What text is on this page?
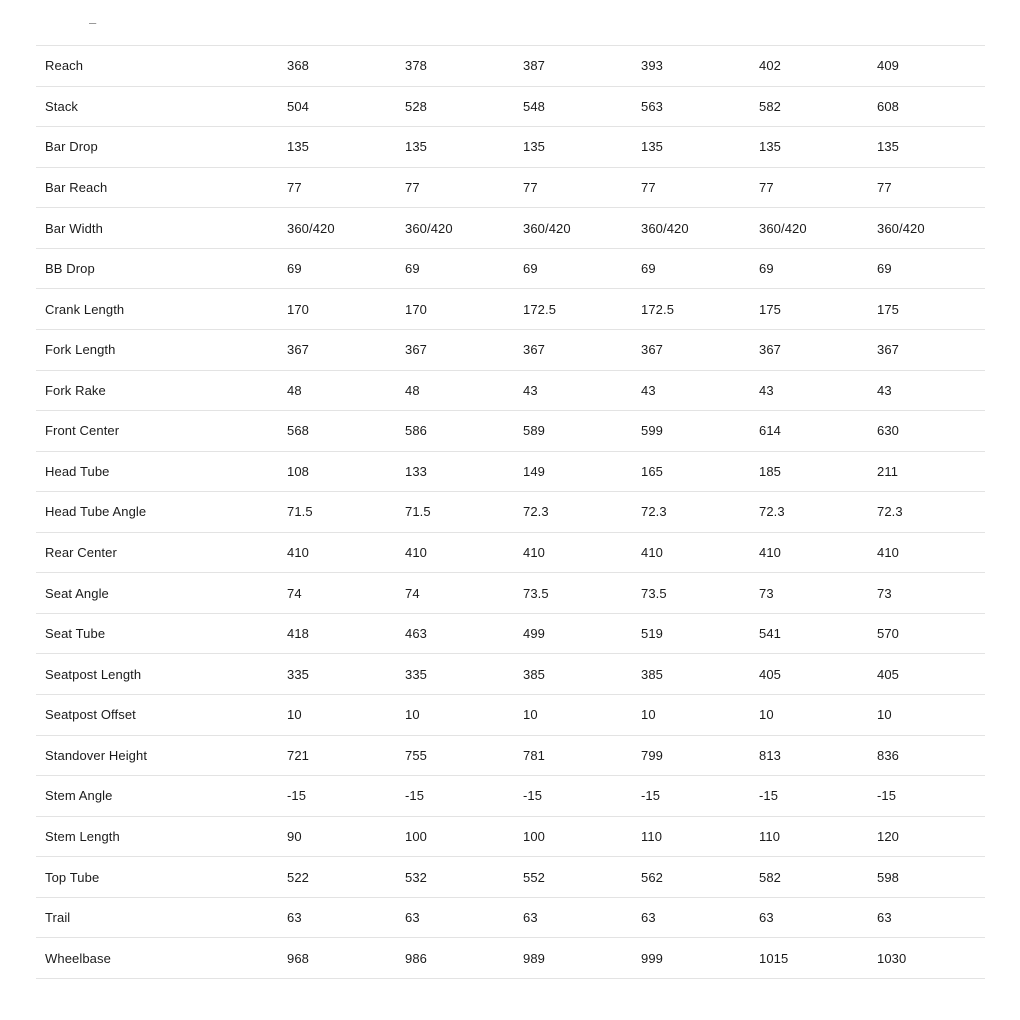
–
Reach	368	378	387	393	402	409
Stack	504	528	548	563	582	608
Bar Drop	135	135	135	135	135	135
Bar Reach	77	77	77	77	77	77
Bar Width	360/420	360/420	360/420	360/420	360/420	360/420
BB Drop	69	69	69	69	69	69
Crank Length	170	170	172.5	172.5	175	175
Fork Length	367	367	367	367	367	367
Fork Rake	48	48	43	43	43	43
Front Center	568	586	589	599	614	630
Head Tube	108	133	149	165	185	211
Head Tube Angle	71.5	71.5	72.3	72.3	72.3	72.3
Rear Center	410	410	410	410	410	410
Seat Angle	74	74	73.5	73.5	73	73
Seat Tube	418	463	499	519	541	570
Seatpost Length	335	335	385	385	405	405
Seatpost Offset	10	10	10	10	10	10
Standover Height	721	755	781	799	813	836
Stem Angle	-15	-15	-15	-15	-15	-15
Stem Length	90	100	100	110	110	120
Top Tube	522	532	552	562	582	598
Trail	63	63	63	63	63	63
Wheelbase	968	986	989	999	1015	1030
